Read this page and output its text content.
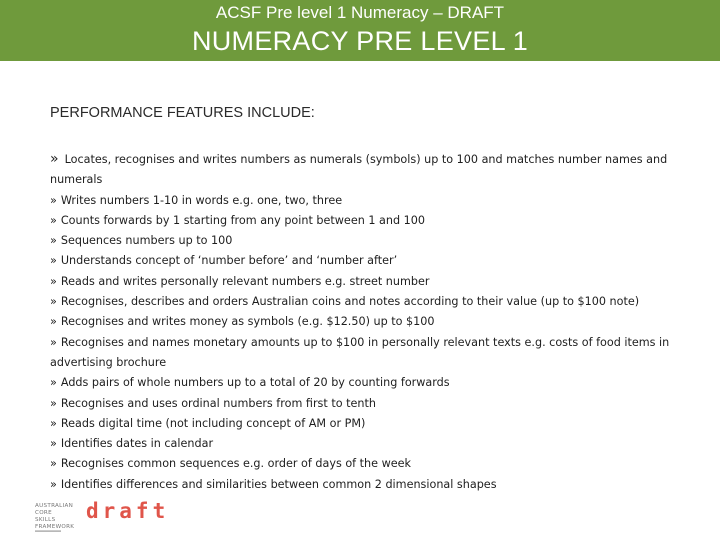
ACSF Pre level 1 Numeracy – DRAFT
NUMERACY PRE LEVEL 1
PERFORMANCE FEATURES INCLUDE:
» Locates, recognises and writes numbers as numerals (symbols) up to 100 and matches number names and numerals
» Writes numbers 1-10 in words e.g. one, two, three
» Counts forwards by 1 starting from any point between 1 and 100
» Sequences numbers up to 100
» Understands concept of ‘number before’ and ‘number after’
» Reads and writes personally relevant numbers e.g. street number
» Recognises, describes and orders Australian coins and notes according to their value (up to $100 note)
» Recognises and writes money as symbols (e.g. $12.50) up to $100
» Recognises and names monetary amounts up to $100 in personally relevant texts e.g. costs of food items in advertising brochure
» Adds pairs of whole numbers up to a total of 20 by counting forwards
» Recognises and uses ordinal numbers from first to tenth
» Reads digital time (not including concept of AM or PM)
» Identifies dates in calendar
» Recognises common sequences e.g. order of days of the week
» Identifies differences and similarities between common 2 dimensional shapes
AUSTRALIAN
CORE
SKILLS
FRAMEWORK
draft
